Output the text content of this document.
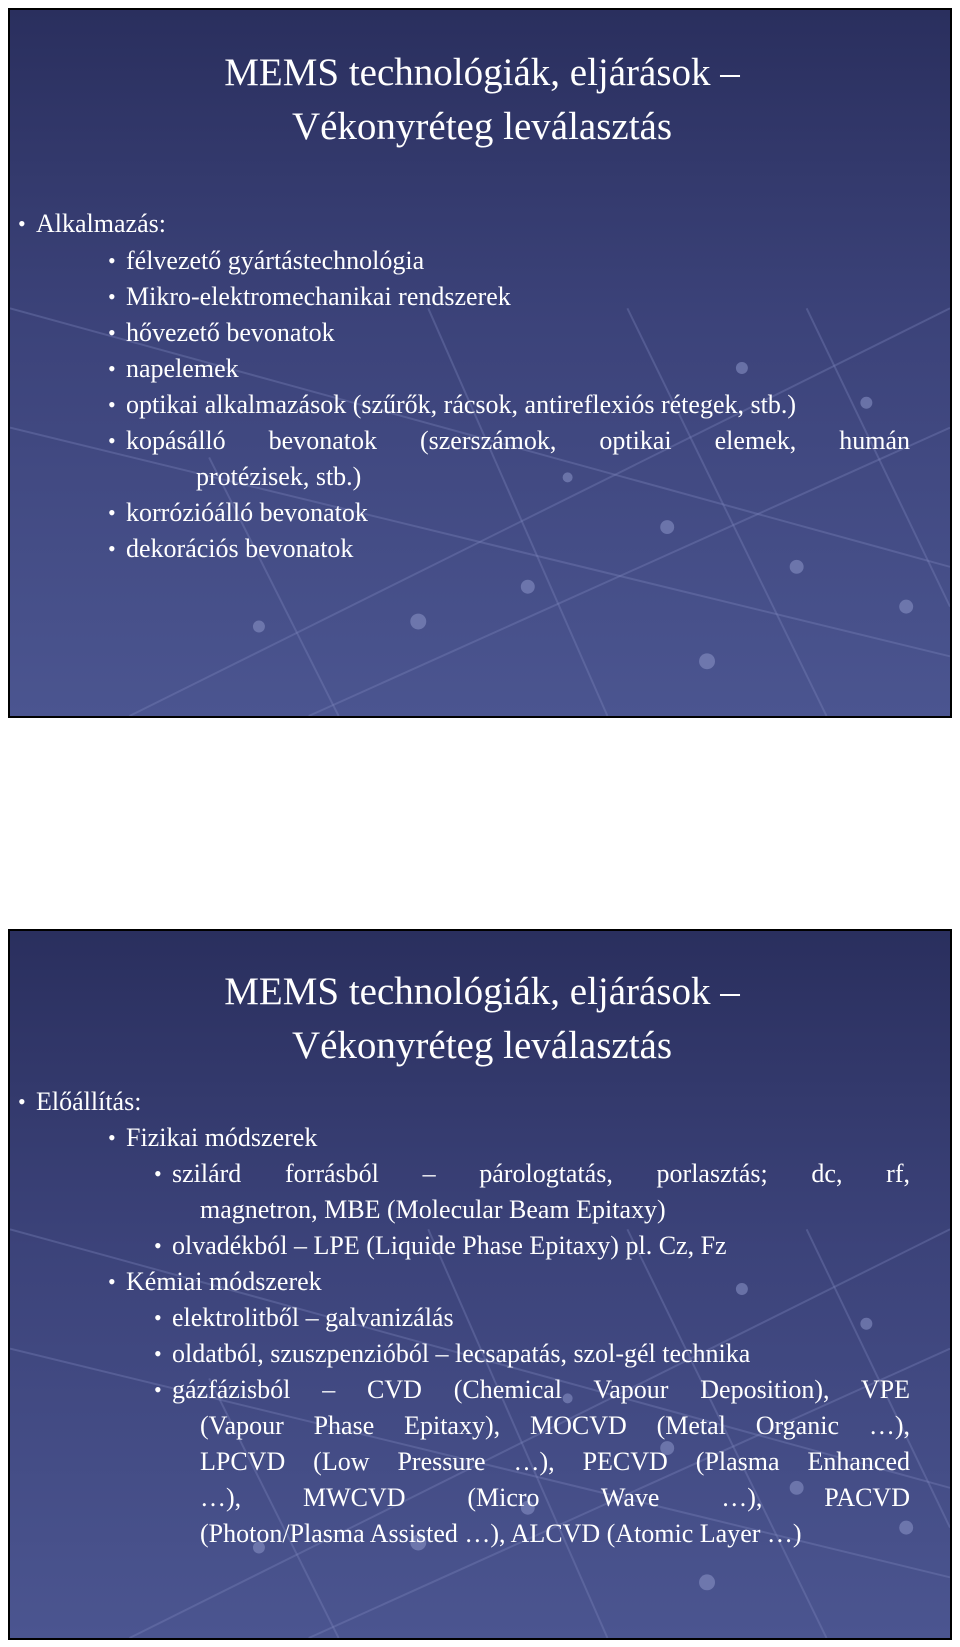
MEMS technológiák, eljárások –
Vékonyréteg leválasztás
• Alkalmazás:
• félvezető gyártástechnológia
• Mikro-elektromechanikai rendszerek
• hővezető bevonatok
• napelemek
• optikai alkalmazások (szűrők, rácsok, antireflexiós rétegek, stb.)
• kopásálló bevonatok (szerszámok, optikai elemek, humán
protézisek, stb.)
• korrózióálló bevonatok
• dekorációs bevonatok
MEMS technológiák, eljárások –
Vékonyréteg leválasztás
• Előállítás:
• Fizikai módszerek
• szilárd forrásból – párologtatás, porlasztás; dc, rf,
magnetron, MBE (Molecular Beam Epitaxy)
• olvadékból – LPE (Liquide Phase Epitaxy) pl. Cz, Fz
• Kémiai módszerek
• elektrolitből – galvanizálás
• oldatból, szuszpenzióból – lecsapatás, szol-gél technika
• gázfázisból – CVD (Chemical Vapour Deposition), VPE
(Vapour Phase Epitaxy), MOCVD (Metal Organic …),
LPCVD (Low Pressure …), PECVD (Plasma Enhanced
…), MWCVD (Micro Wave …), PACVD
(Photon/Plasma Assisted …), ALCVD (Atomic Layer …)
